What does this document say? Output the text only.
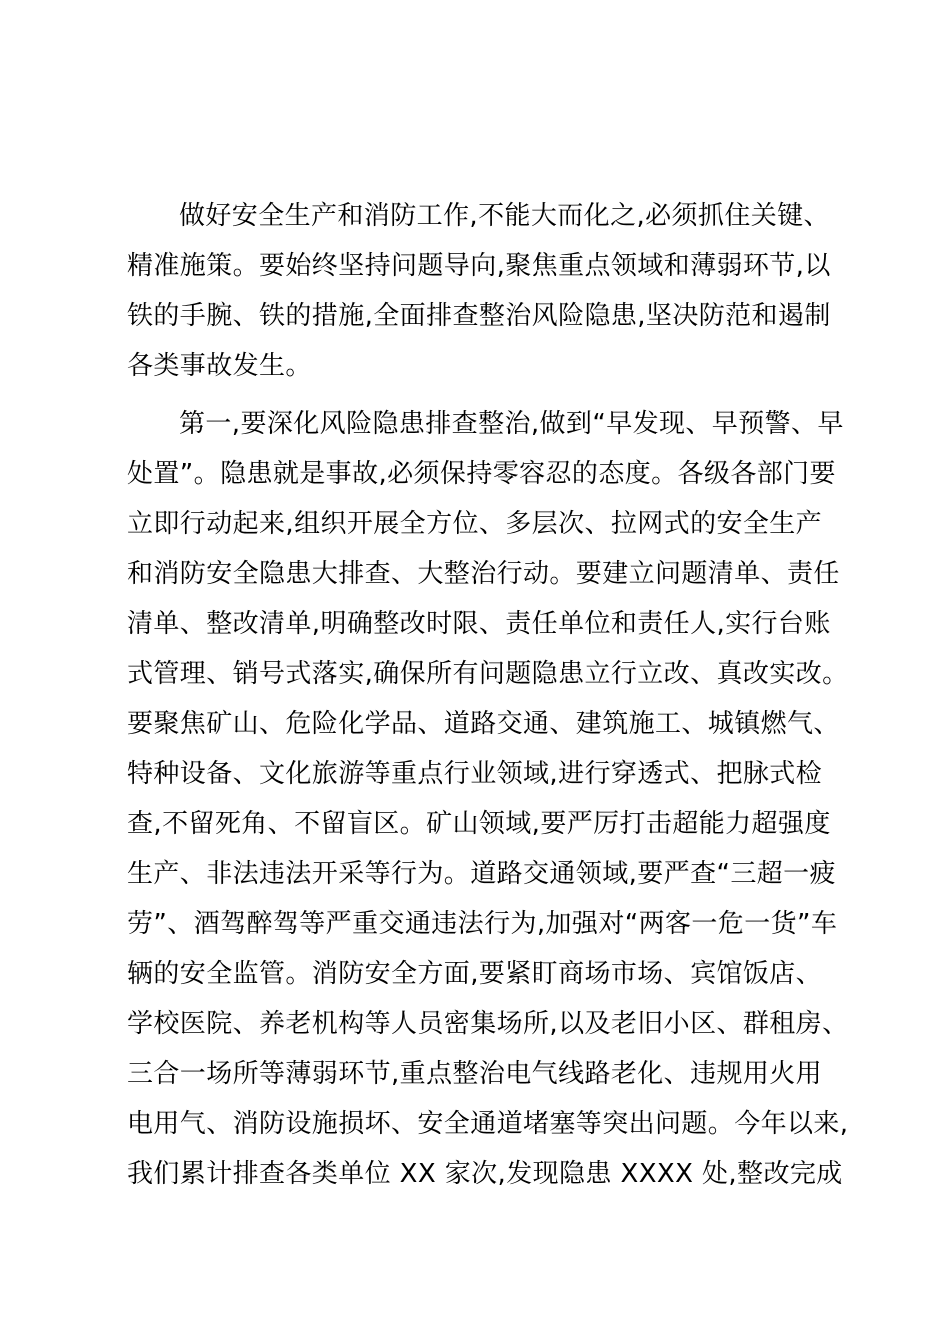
做好安全生产和消防工作,不能大而化之,必须抓住关键、
精准施策。要始终坚持问题导向,聚焦重点领域和薄弱环节,以
铁的手腕、铁的措施,全面排查整治风险隐患,坚决防范和遏制
各类事故发生。
第一,要深化风险隐患排查整治,做到“早发现、早预警、早
处置”。隐患就是事故,必须保持零容忍的态度。各级各部门要
立即行动起来,组织开展全方位、多层次、拉网式的安全生产
和消防安全隐患大排查、大整治行动。要建立问题清单、责任
清单、整改清单,明确整改时限、责任单位和责任人,实行台账
式管理、销号式落实,确保所有问题隐患立行立改、真改实改。
要聚焦矿山、危险化学品、道路交通、建筑施工、城镇燃气、
特种设备、文化旅游等重点行业领域,进行穿透式、把脉式检
查,不留死角、不留盲区。矿山领域,要严厉打击超能力超强度
生产、非法违法开采等行为。道路交通领域,要严查“三超一疲
劳”、酒驾醉驾等严重交通违法行为,加强对“两客一危一货”车
辆的安全监管。消防安全方面,要紧盯商场市场、宾馆饭店、
学校医院、养老机构等人员密集场所,以及老旧小区、群租房、
三合一场所等薄弱环节,重点整治电气线路老化、违规用火用
电用气、消防设施损坏、安全通道堵塞等突出问题。今年以来,
我们累计排查各类单位 XX 家次,发现隐患 XXXX 处,整改完成
